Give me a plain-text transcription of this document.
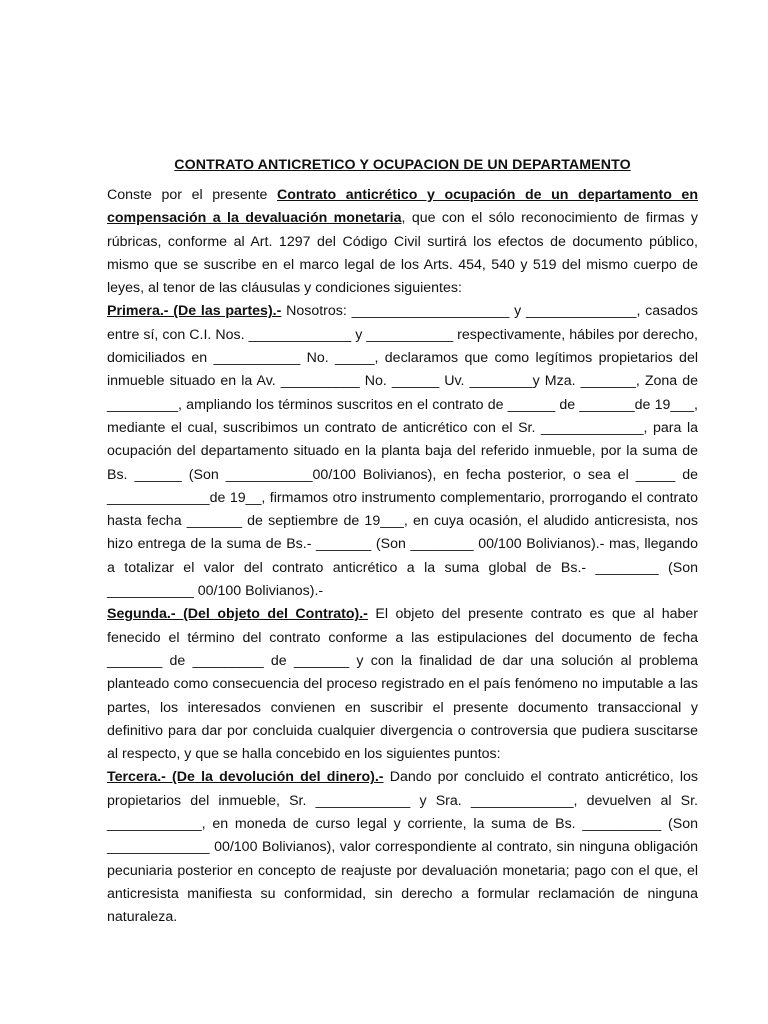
CONTRATO ANTICRETICO Y OCUPACION DE UN DEPARTAMENTO

Conste por el presente Contrato anticrético y ocupación de un departamento en compensación a la devaluación monetaria, que con el sólo reconocimiento de firmas y rúbricas, conforme al Art. 1297 del Código Civil surtirá los efectos de documento público, mismo que se suscribe en el marco legal de los Arts. 454, 540 y 519 del mismo cuerpo de leyes, al tenor de las cláusulas y condiciones siguientes:

Primera.- (De las partes).- Nosotros: ____________________ y ______________, casados entre sí, con C.I. Nos. _____________ y ___________ respectivamente, hábiles por derecho, domiciliados en ___________ No. _____, declaramos que como legítimos propietarios del inmueble situado en la Av. __________ No. ______ Uv. ________y Mza. _______, Zona de _________, ampliando los términos suscritos en el contrato de ______ de _______de 19___, mediante el cual, suscribimos un contrato de anticrético con el Sr. _____________, para la ocupación del departamento situado en la planta baja del referido inmueble, por la suma de Bs. ______ (Son ___________00/100 Bolivianos), en fecha posterior, o sea el _____ de _____________de 19__, firmamos otro instrumento complementario, prorrogando el contrato hasta fecha _______ de septiembre de 19___, en cuya ocasión, el aludido anticresista, nos hizo entrega de la suma de Bs.- _______ (Son ________ 00/100 Bolivianos).- mas, llegando a totalizar el valor del contrato anticrético a la suma global de Bs.- ________ (Son ___________ 00/100 Bolivianos).-

Segunda.- (Del objeto del Contrato).- El objeto del presente contrato es que al haber fenecido el término del contrato conforme a las estipulaciones del documento de fecha _______ de _________ de _______ y con la finalidad de dar una solución al problema planteado como consecuencia del proceso registrado en el país fenómeno no imputable a las partes, los interesados convienen en suscribir el presente documento transaccional y definitivo para dar por concluida cualquier divergencia o controversia que pudiera suscitarse al respecto, y que se halla concebido en los siguientes puntos:

Tercera.- (De la devolución del dinero).- Dando por concluido el contrato anticrético, los propietarios del inmueble, Sr. ____________ y Sra. _____________, devuelven al Sr. ____________, en moneda de curso legal y corriente, la suma de Bs. __________ (Son _____________ 00/100 Bolivianos), valor correspondiente al contrato, sin ninguna obligación pecuniaria posterior en concepto de reajuste por devaluación monetaria; pago con el que, el anticresista manifiesta su conformidad, sin derecho a formular reclamación de ninguna naturaleza.
